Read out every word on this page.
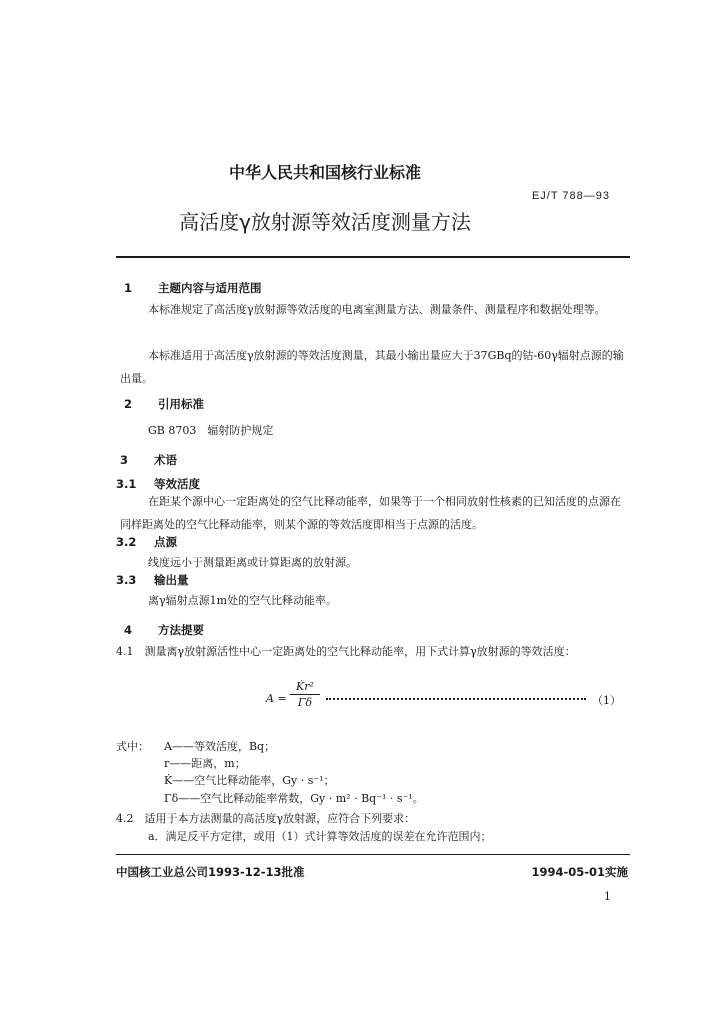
中华人民共和国核行业标准
EJ/T 788—93
高活度γ放射源等效活度测量方法
1 主题内容与适用范围
本标准规定了高活度γ放射源等效活度的电离室测量方法、测量条件、测量程序和数据处理等。
本标准适用于高活度γ放射源的等效活度测量，其最小输出量应大于37GBq的钴-60γ辐射点源的输出量。
2 引用标准
GB 8703　辐射防护规定
3 术语
3.1 等效活度
在距某个源中心一定距离处的空气比释动能率，如果等于一个相同放射性核素的已知活度的点源在同样距离处的空气比释动能率，则某个源的等效活度即相当于点源的活度。
3.2 点源
线度远小于测量距离或计算距离的放射源。
3.3 输出量
离γ辐射点源1m处的空气比释动能率。
4 方法提要
4.1　 测量离γ放射源活性中心一定距离处的空气比释动能率，用下式计算γ放射源的等效活度：
$A = \frac{\text{K̇r²}}{\Gamma\delta}$	（1）
式中： A——等效活度，Bq；
r——距离，m；
K̇——空气比释动能率，Gy · s⁻¹；
Γδ——空气比释动能率常数，Gy · m² · Bq⁻¹ · s⁻¹。
4.2　 适用于本方法测量的高活度γ放射源，应符合下列要求：
a．满足反平方定律，或用（1）式计算等效活度的误差在允许范围内；
中国核工业总公司1993-12-13批准	1994-05-01实施
1
